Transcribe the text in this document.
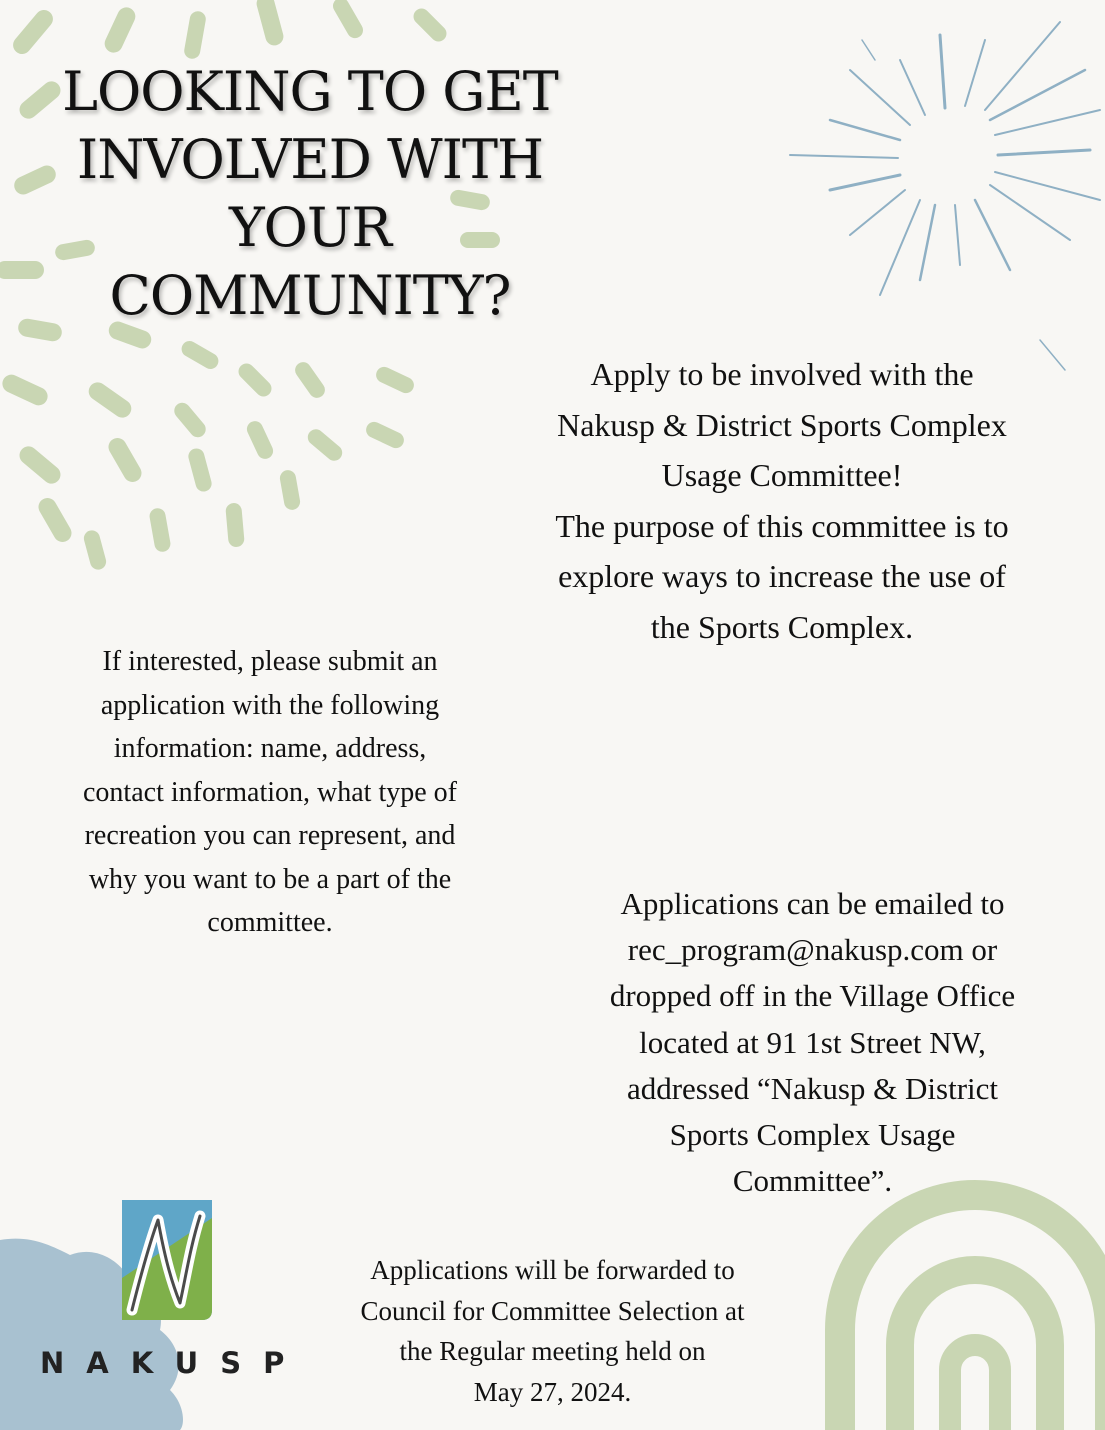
LOOKING TO GET
INVOLVED WITH
YOUR
COMMUNITY?
Apply to be involved with the
Nakusp & District Sports Complex
Usage Committee!
The purpose of this committee is to
explore ways to increase the use of
the Sports Complex.
If interested, please submit an
application with the following
information: name, address,
contact information, what type of
recreation you can represent, and
why you want to be a part of the
committee.
Applications can be emailed to
rec_program@nakusp.com or
dropped off in the Village Office
located at 91 1st Street NW,
addressed “Nakusp & District
Sports Complex Usage
Committee”.
Applications will be forwarded to
Council for Committee Selection at
the Regular meeting held on
May 27, 2024.
NAKUSP
